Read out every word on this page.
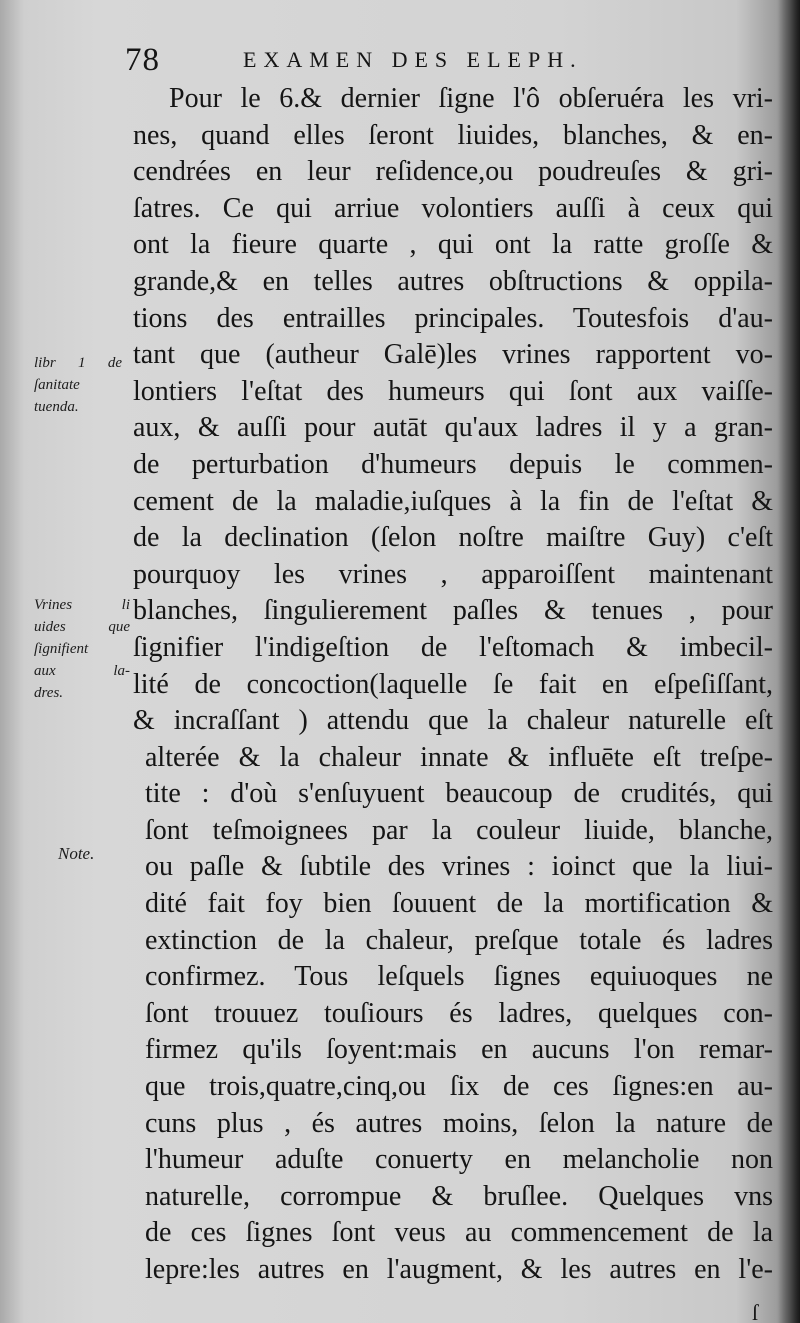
78	EXAMEN DES ELEPH.
Pour le 6.& dernier ſigne l'ô obſeruéra les vri-
nes, quand elles ſeront liuides, blanches, & en-
cendrées en leur reſidence,ou poudreuſes & gri-
ſatres. Ce qui arriue volontiers auſſi à ceux qui
ont la fieure quarte , qui ont la ratte groſſe &
grande,& en telles autres obſtructions & oppila-
tions des entrailles principales. Toutesfois d'au-
tant que (autheur Galē)les vrines rapportent vo-
lontiers l'eſtat des humeurs qui ſont aux vaiſſe-
aux, & auſſi pour autāt qu'aux ladres il y a gran-
de perturbation d'humeurs depuis le commen-
cement de la maladie,iuſques à la fin de l'eſtat &
de la declination (ſelon noſtre maiſtre Guy) c'eſt
pourquoy les vrines , apparoiſſent maintenant
blanches, ſingulierement paſles & tenues , pour
ſignifier l'indigeſtion de l'eſtomach & imbecil-
lité de concoction(laquelle ſe fait en eſpeſiſſant,
& incraſſant ) attendu que la chaleur naturelle eſt
alterée & la chaleur innate & influēte eſt treſpe-
tite : d'où s'enſuyuent beaucoup de crudités, qui
ſont teſmoignees par la couleur liuide, blanche,
ou paſle & ſubtile des vrines : ioinct que la liui-
dité fait foy bien ſouuent de la mortification &
extinction de la chaleur, preſque totale és ladres
confirmez. Tous leſquels ſignes equiuoques ne
ſont trouuez touſiours és ladres, quelques con-
firmez qu'ils ſoyent:mais en aucuns l'on remar-
que trois,quatre,cinq,ou ſix de ces ſignes:en au-
cuns plus , és autres moins, ſelon la nature de
l'humeur aduſte conuerty en melancholie non
naturelle, corrompue & bruſlee. Quelques vns
de ces ſignes ſont veus au commencement de la
lepre:les autres en l'augment, & les autres en l'e-
libr 1 de
ſanitate
tuenda.
Vrines li
uides que
ſignifient
aux la-
dres.
Note.
ſ
